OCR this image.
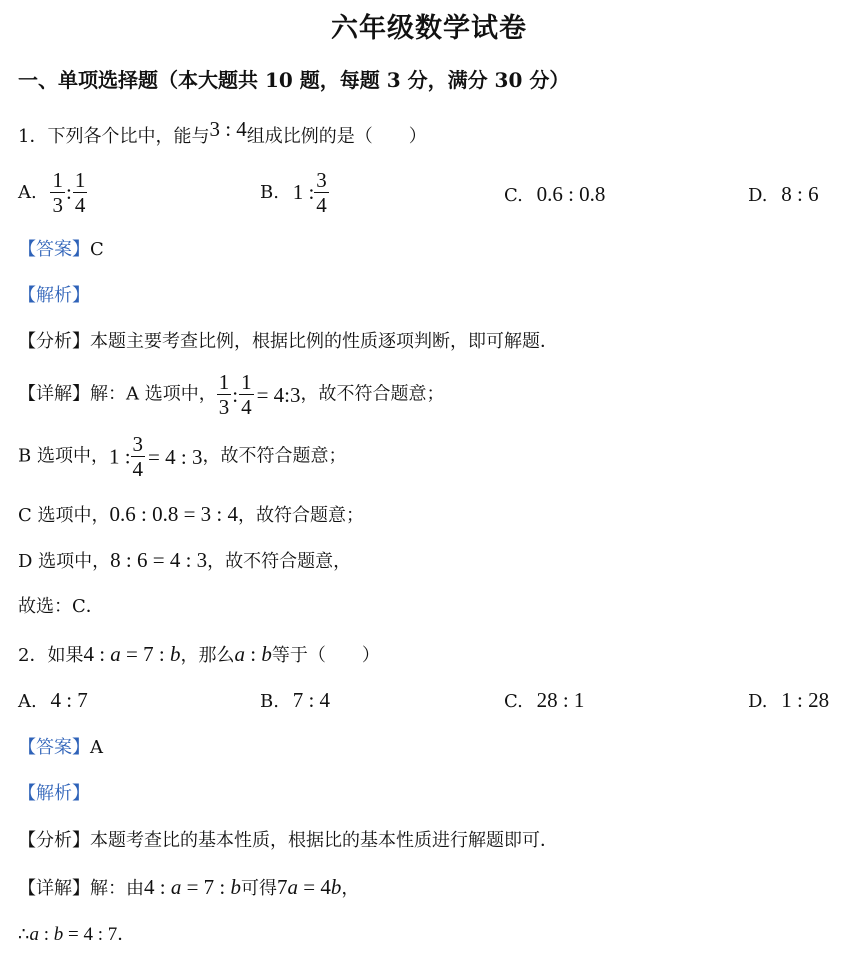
六年级数学试卷
一、单项选择题（本大题共 10 题，每题 3 分，满分 30 分）
1．下列各个比中，能与3 : 4组成比例的是（　　）
A. $\frac{1}{3}$ : $\frac{1}{4}$	B. 1 : $\frac{3}{4}$	C. 0.6 : 0.8	D. 8 : 6
【答案】C
【解析】
【分析】本题主要考查比例，根据比例的性质逐项判断，即可解题．
【详解】解：A 选项中， $\frac{1}{3}$ : $\frac{1}{4}$ = 4:3，故不符合题意；
B 选项中，1 : $\frac{3}{4} = 4$ : 3，故不符合题意；
C 选项中，0.6 : 0.8 = 3 : 4，故符合题意；
D 选项中，8 : 6 = 4 : 3，故不符合题意，
故选：C．
2．如果4 : a = 7 : b，那么a : b等于（　　）
A. 4 : 7	B. 7 : 4	C. 28 : 1	D. 1 : 28
【答案】A
【解析】
【分析】本题考查比的基本性质，根据比的基本性质进行解题即可．
【详解】解：由4 : a = 7 : b可得7a = 4b，
∴a : b = 4 : 7．
